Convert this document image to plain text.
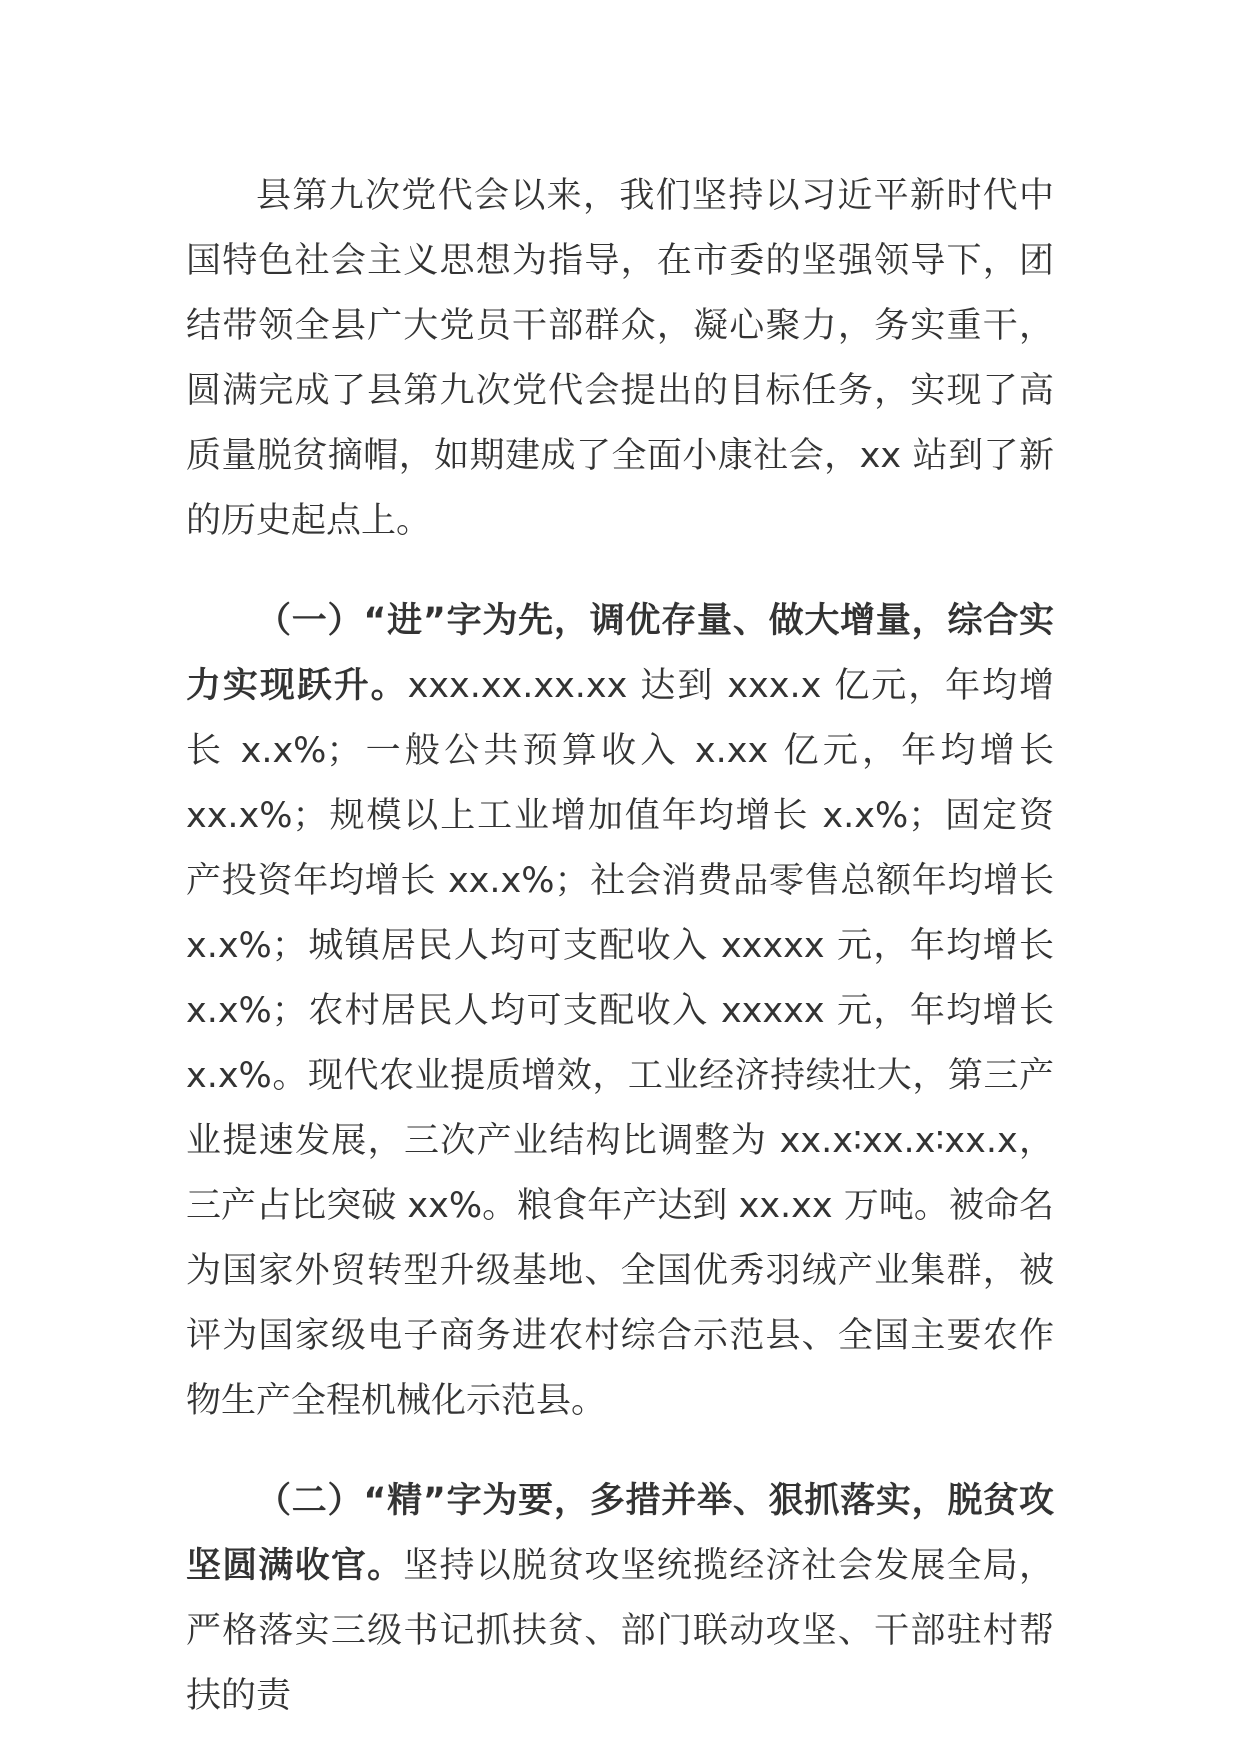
县第九次党代会以来，我们坚持以习近平新时代中国特色社会主义思想为指导，在市委的坚强领导下，团结带领全县广大党员干部群众，凝心聚力，务实重干，圆满完成了县第九次党代会提出的目标任务，实现了高质量脱贫摘帽，如期建成了全面小康社会，xx 站到了新的历史起点上。

（一）“进”字为先，调优存量、做大增量，综合实力实现跃升。xxx.xx.xx.xx 达到 xxx.x 亿元，年均增长 x.x%；一般公共预算收入 x.xx 亿元，年均增长 xx.x%；规模以上工业增加值年均增长 x.x%；固定资产投资年均增长 xx.x%；社会消费品零售总额年均增长 x.x%；城镇居民人均可支配收入 xxxxx 元，年均增长 x.x%；农村居民人均可支配收入 xxxxx 元，年均增长 x.x%。现代农业提质增效，工业经济持续壮大，第三产业提速发展，三次产业结构比调整为 xx.x∶xx.x∶xx.x，三产占比突破 xx%。粮食年产达到 xx.xx 万吨。被命名为国家外贸转型升级基地、全国优秀羽绒产业集群，被评为国家级电子商务进农村综合示范县、全国主要农作物生产全程机械化示范县。

（二）“精”字为要，多措并举、狠抓落实，脱贫攻坚圆满收官。坚持以脱贫攻坚统揽经济社会发展全局，严格落实三级书记抓扶贫、部门联动攻坚、干部驻村帮扶的责
